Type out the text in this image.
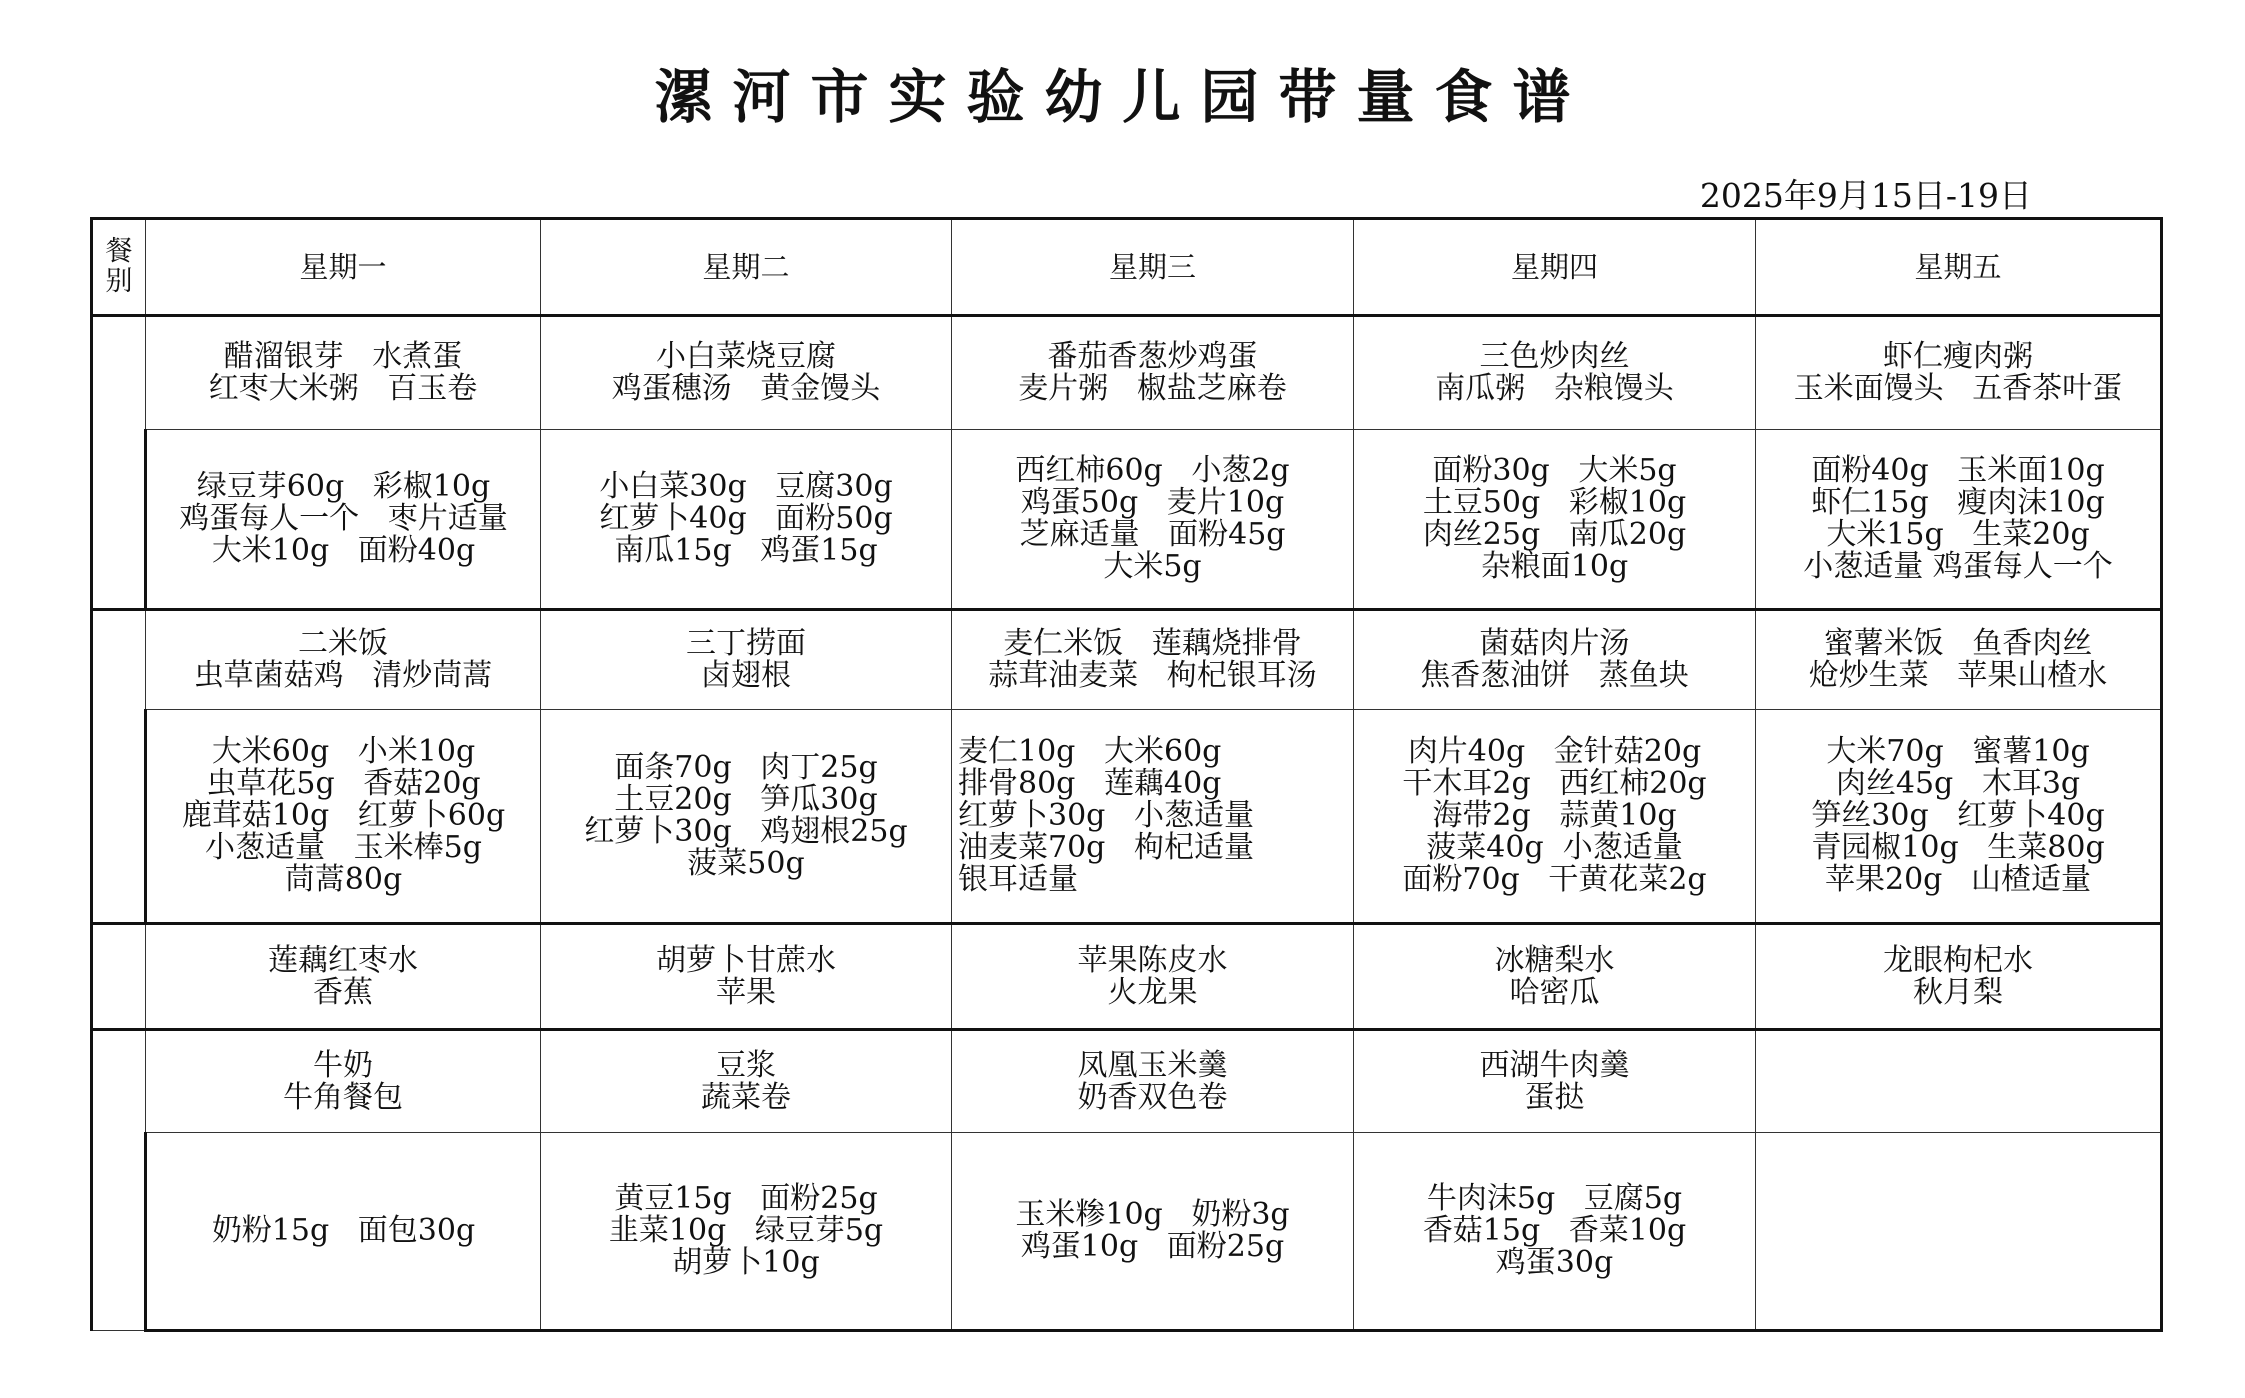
漯河市实验幼儿园带量食谱
2025年9月15日-19日
餐
别	星期一	星期二	星期三	星期四	星期五

	醋溜银芽   水煮蛋
红枣大米粥   百玉卷	小白菜烧豆腐
鸡蛋穗汤   黄金馒头	番茄香葱炒鸡蛋
麦片粥   椒盐芝麻卷	三色炒肉丝
南瓜粥   杂粮馒头	虾仁瘦肉粥
玉米面馒头   五香茶叶蛋

	绿豆芽60g   彩椒10g
鸡蛋每人一个   枣片适量
大米10g   面粉40g	小白菜30g   豆腐30g
红萝卜40g   面粉50g
南瓜15g   鸡蛋15g	西红柿60g   小葱2g
鸡蛋50g   麦片10g
芝麻适量   面粉45g
大米5g	面粉30g   大米5g
土豆50g   彩椒10g
肉丝25g   南瓜20g
杂粮面10g	面粉40g   玉米面10g
虾仁15g   瘦肉沫10g
大米15g   生菜20g
小葱适量 鸡蛋每人一个

	二米饭
虫草菌菇鸡   清炒茼蒿	三丁捞面
卤翅根	麦仁米饭   莲藕烧排骨
蒜茸油麦菜   枸杞银耳汤	菌菇肉片汤
焦香葱油饼   蒸鱼块	蜜薯米饭   鱼香肉丝
炝炒生菜   苹果山楂水

	大米60g   小米10g
虫草花5g   香菇20g
鹿茸菇10g   红萝卜60g
小葱适量   玉米棒5g
茼蒿80g	面条70g   肉丁25g
土豆20g   笋瓜30g
红萝卜30g   鸡翅根25g
菠菜50g	麦仁10g   大米60g
排骨80g   莲藕40g
红萝卜30g   小葱适量
油麦菜70g   枸杞适量
银耳适量	肉片40g   金针菇20g
干木耳2g   西红柿20g
海带2g   蒜黄10g
菠菜40g  小葱适量
面粉70g   干黄花菜2g	大米70g   蜜薯10g
肉丝45g   木耳3g
笋丝30g   红萝卜40g
青园椒10g   生菜80g
苹果20g   山楂适量

	莲藕红枣水
香蕉	胡萝卜甘蔗水
苹果	苹果陈皮水
火龙果	冰糖梨水
哈密瓜	龙眼枸杞水
秋月梨

	牛奶
牛角餐包	豆浆
蔬菜卷	凤凰玉米羹
奶香双色卷	西湖牛肉羹
蛋挞	

	奶粉15g   面包30g	黄豆15g   面粉25g
韭菜10g   绿豆芽5g
胡萝卜10g	玉米糁10g   奶粉3g
鸡蛋10g   面粉25g	牛肉沫5g   豆腐5g
香菇15g   香菜10g
鸡蛋30g	
